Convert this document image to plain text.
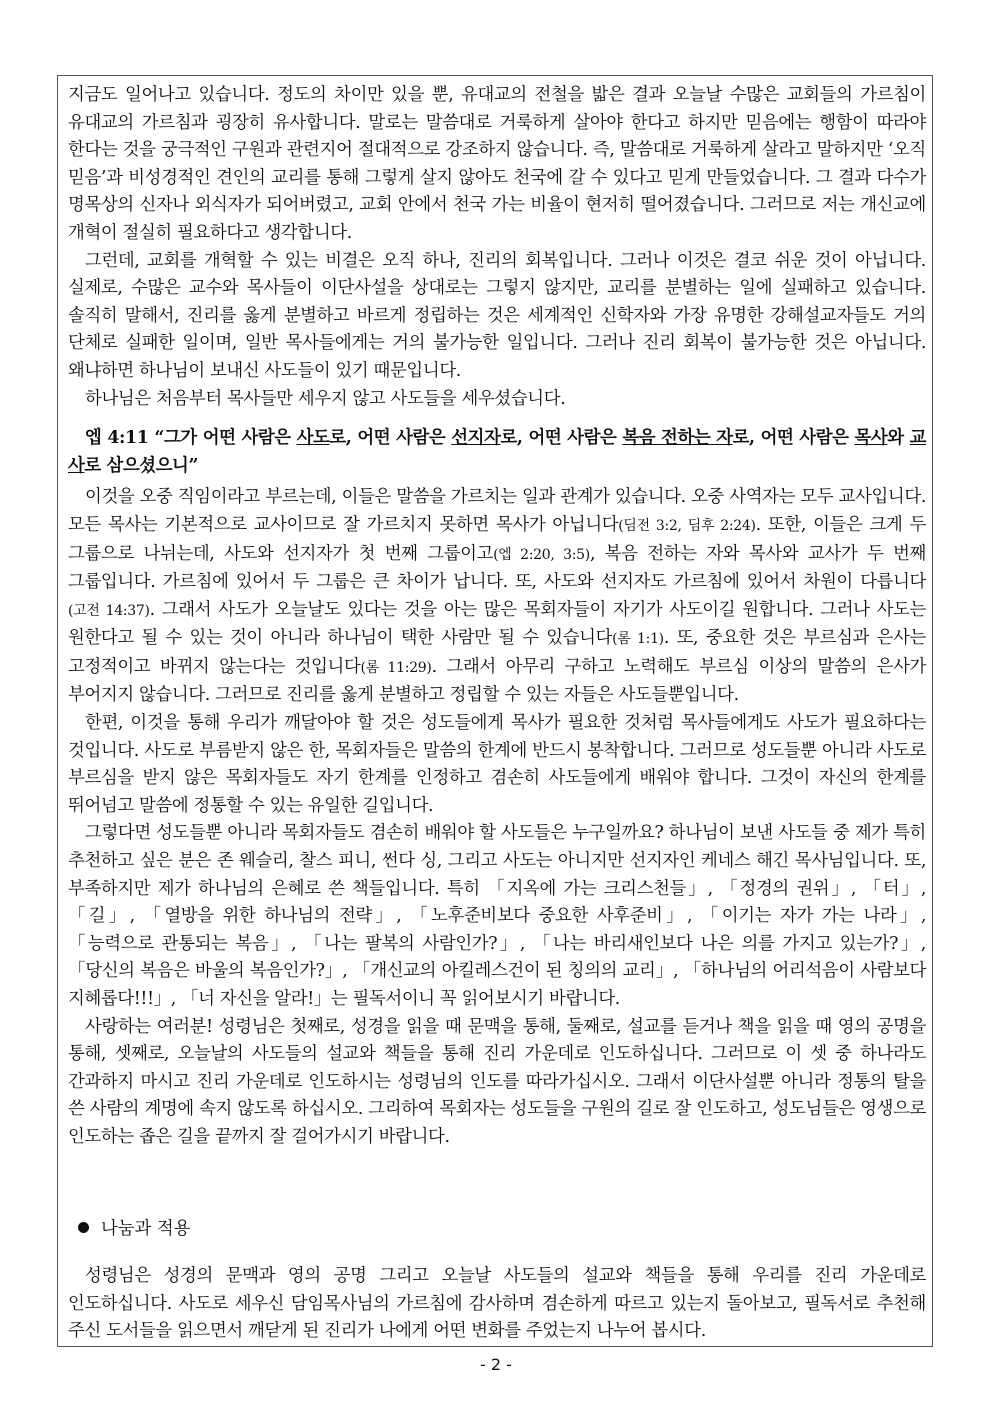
지금도 일어나고 있습니다. 정도의 차이만 있을 뿐, 유대교의 전철을 밟은 결과 오늘날 수많은 교회들의 가르침이 유대교의 가르침과 굉장히 유사합니다. 말로는 말씀대로 거룩하게 살아야 한다고 하지만 믿음에는 행함이 따라야 한다는 것을 궁극적인 구원과 관련지어 절대적으로 강조하지 않습니다. 즉, 말씀대로 거룩하게 살라고 말하지만 ‘오직 믿음’과 비성경적인 견인의 교리를 통해 그렇게 살지 않아도 천국에 갈 수 있다고 믿게 만들었습니다. 그 결과 다수가 명목상의 신자나 외식자가 되어버렸고, 교회 안에서 천국 가는 비율이 현저히 떨어졌습니다. 그러므로 저는 개신교에 개혁이 절실히 필요하다고 생각합니다.

그런데, 교회를 개혁할 수 있는 비결은 오직 하나, 진리의 회복입니다. 그러나 이것은 결코 쉬운 것이 아닙니다. 실제로, 수많은 교수와 목사들이 이단사설을 상대로는 그렇지 않지만, 교리를 분별하는 일에 실패하고 있습니다. 솔직히 말해서, 진리를 옳게 분별하고 바르게 정립하는 것은 세계적인 신학자와 가장 유명한 강해설교자들도 거의 단체로 실패한 일이며, 일반 목사들에게는 거의 불가능한 일입니다. 그러나 진리 회복이 불가능한 것은 아닙니다. 왜냐하면 하나님이 보내신 사도들이 있기 때문입니다.

하나님은 처음부터 목사들만 세우지 않고 사도들을 세우셨습니다.

엡 4:11 “그가 어떤 사람은 사도로, 어떤 사람은 선지자로, 어떤 사람은 복음 전하는 자로, 어떤 사람은 목사와 교사로 삼으셨으니”

이것을 오중 직임이라고 부르는데, 이들은 말씀을 가르치는 일과 관계가 있습니다. 오중 사역자는 모두 교사입니다. 모든 목사는 기본적으로 교사이므로 잘 가르치지 못하면 목사가 아닙니다(딤전 3:2, 딤후 2:24). 또한, 이들은 크게 두 그룹으로 나뉘는데, 사도와 선지자가 첫 번째 그룹이고(엡 2:20, 3:5), 복음 전하는 자와 목사와 교사가 두 번째 그룹입니다. 가르침에 있어서 두 그룹은 큰 차이가 납니다. 또, 사도와 선지자도 가르침에 있어서 차원이 다릅니다(고전 14:37). 그래서 사도가 오늘날도 있다는 것을 아는 많은 목회자들이 자기가 사도이길 원합니다. 그러나 사도는 원한다고 될 수 있는 것이 아니라 하나님이 택한 사람만 될 수 있습니다(롬 1:1). 또, 중요한 것은 부르심과 은사는 고정적이고 바뀌지 않는다는 것입니다(롬 11:29). 그래서 아무리 구하고 노력해도 부르심 이상의 말씀의 은사가 부어지지 않습니다. 그러므로 진리를 옳게 분별하고 정립할 수 있는 자들은 사도들뿐입니다.

한편, 이것을 통해 우리가 깨달아야 할 것은 성도들에게 목사가 필요한 것처럼 목사들에게도 사도가 필요하다는 것입니다. 사도로 부름받지 않은 한, 목회자들은 말씀의 한계에 반드시 봉착합니다. 그러므로 성도들뿐 아니라 사도로 부르심을 받지 않은 목회자들도 자기 한계를 인정하고 겸손히 사도들에게 배워야 합니다. 그것이 자신의 한계를 뛰어넘고 말씀에 정통할 수 있는 유일한 길입니다.

그렇다면 성도들뿐 아니라 목회자들도 겸손히 배워야 할 사도들은 누구일까요? 하나님이 보낸 사도들 중 제가 특히 추천하고 싶은 분은 존 웨슬리, 찰스 피니, 썬다 싱, 그리고 사도는 아니지만 선지자인 케네스 해긴 목사님입니다. 또, 부족하지만 제가 하나님의 은혜로 쓴 책들입니다. 특히 「지옥에 가는 크리스천들」, 「정경의 권위」, 「터」, 「길」, 「열방을 위한 하나님의 전략」, 「노후준비보다 중요한 사후준비」, 「이기는 자가 가는 나라」, 「능력으로 관통되는 복음」, 「나는 팔복의 사람인가?」, 「나는 바리새인보다 나은 의를 가지고 있는가?」, 「당신의 복음은 바울의 복음인가?」, 「개신교의 아킬레스건이 된 칭의의 교리」, 「하나님의 어리석음이 사람보다 지혜롭다!!!」, 「너 자신을 알라!」는 필독서이니 꼭 읽어보시기 바랍니다.

사랑하는 여러분! 성령님은 첫째로, 성경을 읽을 때 문맥을 통해, 둘째로, 설교를 듣거나 책을 읽을 때 영의 공명을 통해, 셋째로, 오늘날의 사도들의 설교와 책들을 통해 진리 가운데로 인도하십니다. 그러므로 이 셋 중 하나라도 간과하지 마시고 진리 가운데로 인도하시는 성령님의 인도를 따라가십시오. 그래서 이단사설뿐 아니라 정통의 탈을 쓴 사람의 계명에 속지 않도록 하십시오. 그리하여 목회자는 성도들을 구원의 길로 잘 인도하고, 성도님들은 영생으로 인도하는 좁은 길을 끝까지 잘 걸어가시기 바랍니다.

나눔과 적용

성령님은 성경의 문맥과 영의 공명 그리고 오늘날 사도들의 설교와 책들을 통해 우리를 진리 가운데로 인도하십니다. 사도로 세우신 담임목사님의 가르침에 감사하며 겸손하게 따르고 있는지 돌아보고, 필독서로 추천해 주신 도서들을 읽으면서 깨닫게 된 진리가 나에게 어떤 변화를 주었는지 나누어 봅시다.

- 2 -
